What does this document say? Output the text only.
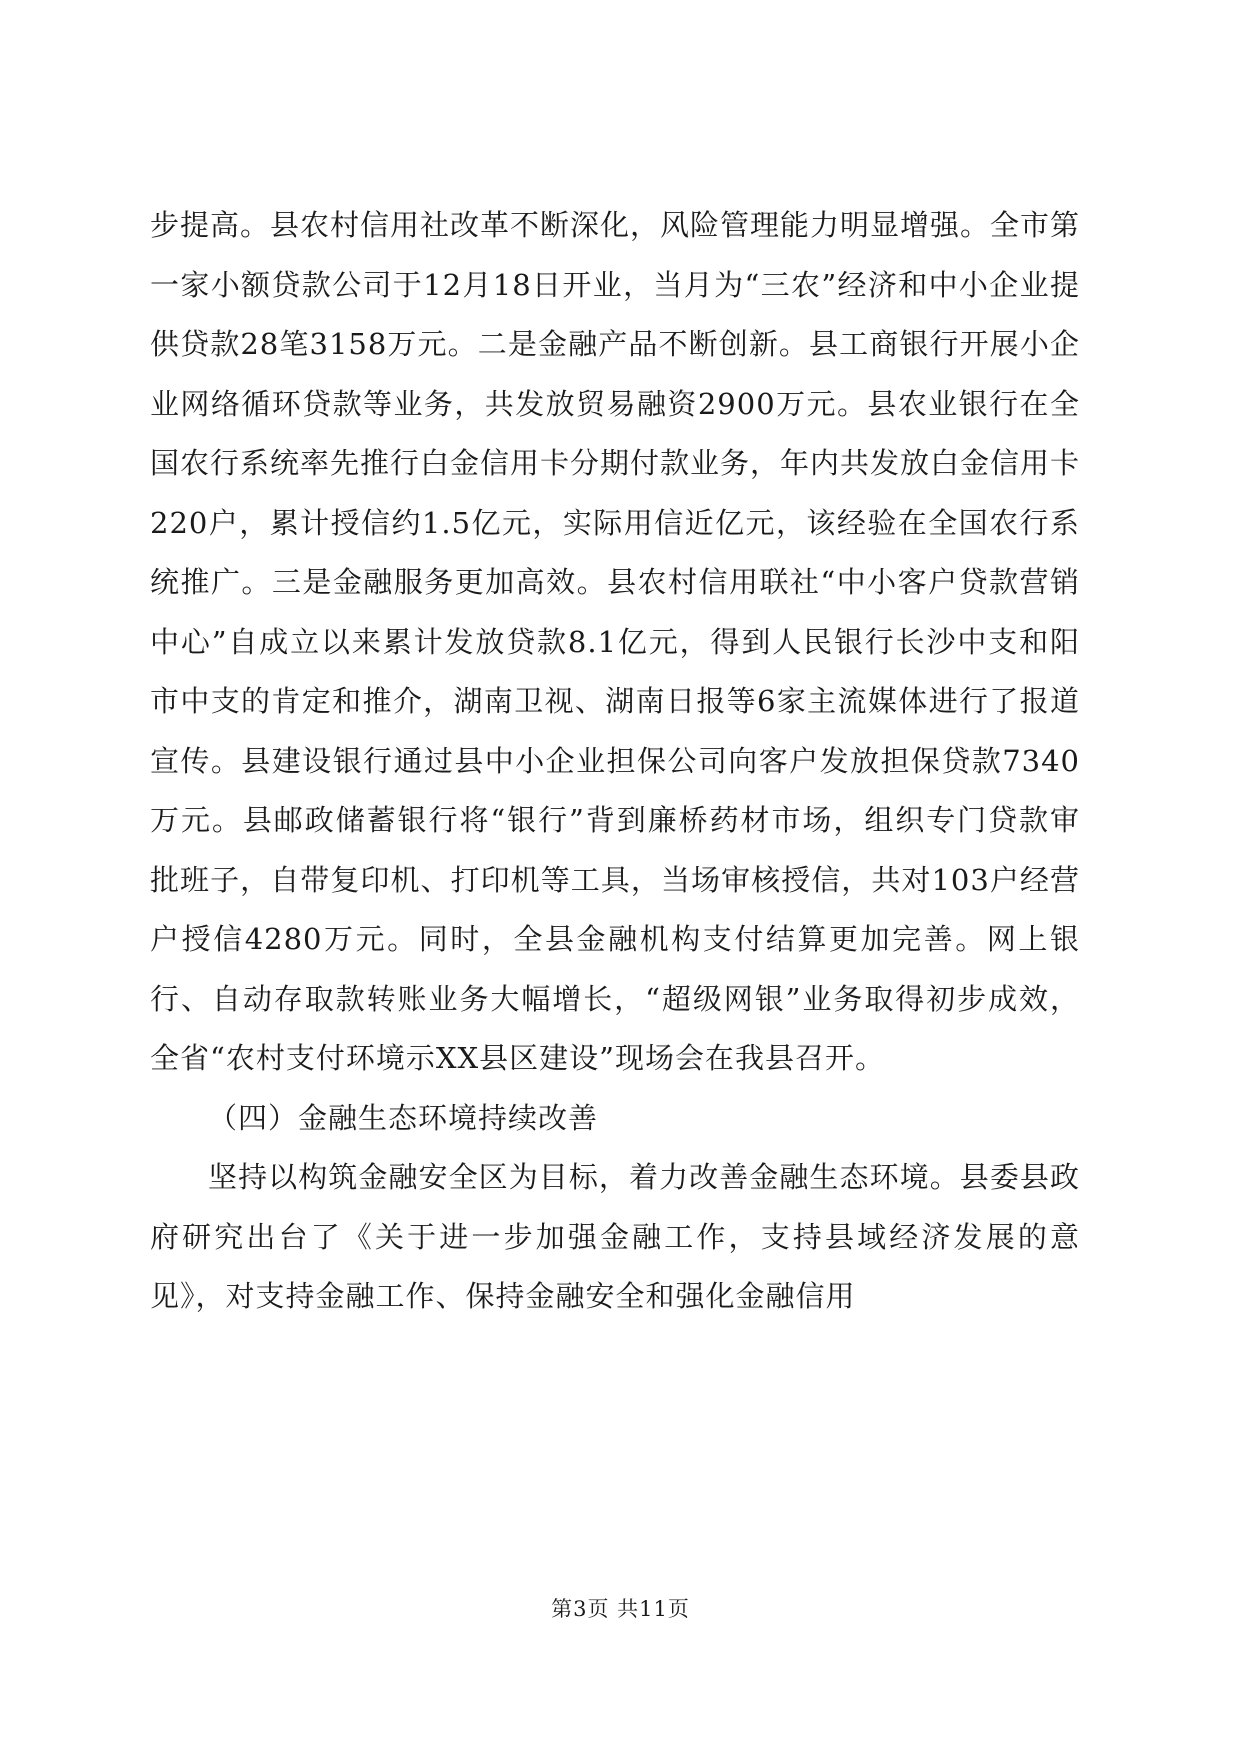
步提高。县农村信用社改革不断深化，风险管理能力明显增强。全市第一家小额贷款公司于12月18日开业，当月为“三农”经济和中小企业提供贷款28笔3158万元。二是金融产品不断创新。县工商银行开展小企业网络循环贷款等业务，共发放贸易融资2900万元。县农业银行在全国农行系统率先推行白金信用卡分期付款业务，年内共发放白金信用卡220户，累计授信约1.5亿元，实际用信近亿元，该经验在全国农行系统推广。三是金融服务更加高效。县农村信用联社“中小客户贷款营销中心”自成立以来累计发放贷款8.1亿元，得到人民银行长沙中支和阳市中支的肯定和推介，湖南卫视、湖南日报等6家主流媒体进行了报道宣传。县建设银行通过县中小企业担保公司向客户发放担保贷款7340万元。县邮政储蓄银行将“银行”背到廉桥药材市场，组织专门贷款审批班子，自带复印机、打印机等工具，当场审核授信，共对103户经营户授信4280万元。同时，全县金融机构支付结算更加完善。网上银行、自动存取款转账业务大幅增长，“超级网银”业务取得初步成效，全省“农村支付环境示XX县区建设”现场会在我县召开。

（四）金融生态环境持续改善

坚持以构筑金融安全区为目标，着力改善金融生态环境。县委县政府研究出台了《关于进一步加强金融工作，支持县域经济发展的意见》，对支持金融工作、保持金融安全和强化金融信用

第3页 共11页
